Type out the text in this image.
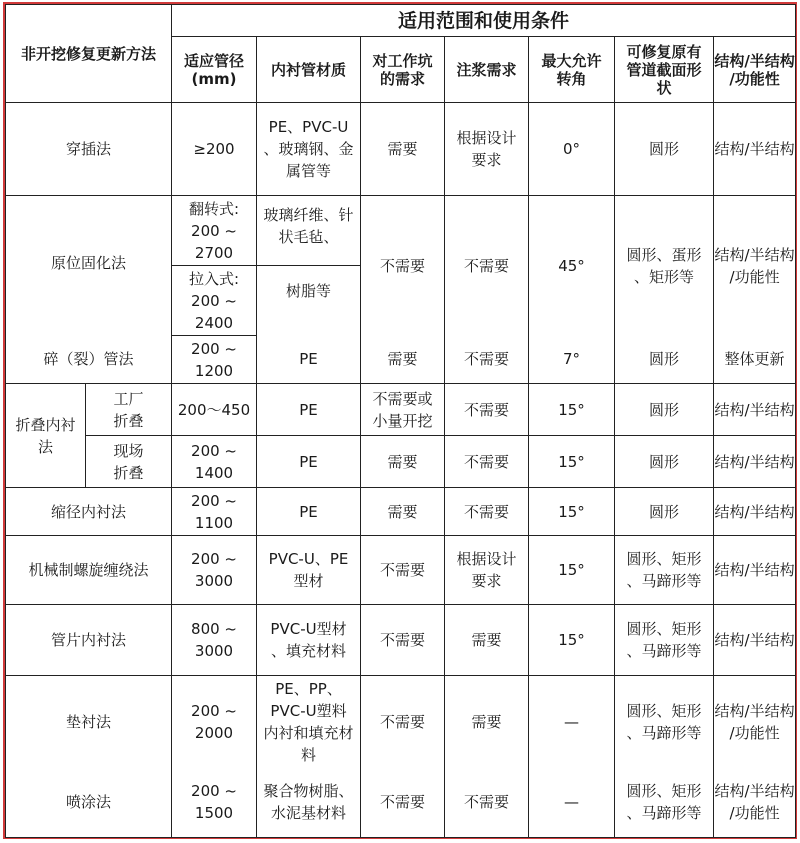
非开挖修复更新方法		适用范围和使用条件						
		适应管径
(mm)	内衬管材质	对工作坑
的需求	注浆需求	最大允许
转角	可修复原有
管道截面形
状	结构/半结构
/功能性
穿插法		≥200	PE、PVC-U
、玻璃钢、金
属管等	需要	根据设计
要求	0°	圆形	结构/半结构
原位固化法		翻转式:
200 ~
2700	玻璃纤维、针
状毛毡、	不需要	不需要	45°	圆形、蛋形
、矩形等	结构/半结构
/功能性
		拉入式:
200 ~
2400	树脂等					
碎（裂）管法		200 ~
1200	PE	需要	不需要	7°	圆形	整体更新
折叠内衬
法	工厂
折叠	200～450	PE	不需要或
小量开挖	不需要	15°	圆形	结构/半结构
	现场
折叠	200 ~
1400	PE	需要	不需要	15°	圆形	结构/半结构
缩径内衬法		200 ~
1100	PE	需要	不需要	15°	圆形	结构/半结构
机械制螺旋缠绕法		200 ~
3000	PVC-U、PE
型材	不需要	根据设计
要求	15°	圆形、矩形
、马蹄形等	结构/半结构
管片内衬法		800 ~
3000	PVC-U型材
、填充材料	不需要	需要	15°	圆形、矩形
、马蹄形等	结构/半结构
垫衬法		200 ~
2000	PE、PP、
PVC-U塑料
内衬和填充材
料	不需要	需要	—	圆形、矩形
、马蹄形等	结构/半结构
/功能性
喷涂法		200 ~
1500	聚合物树脂、
水泥基材料	不需要	不需要	—	圆形、矩形
、马蹄形等	结构/半结构
/功能性
